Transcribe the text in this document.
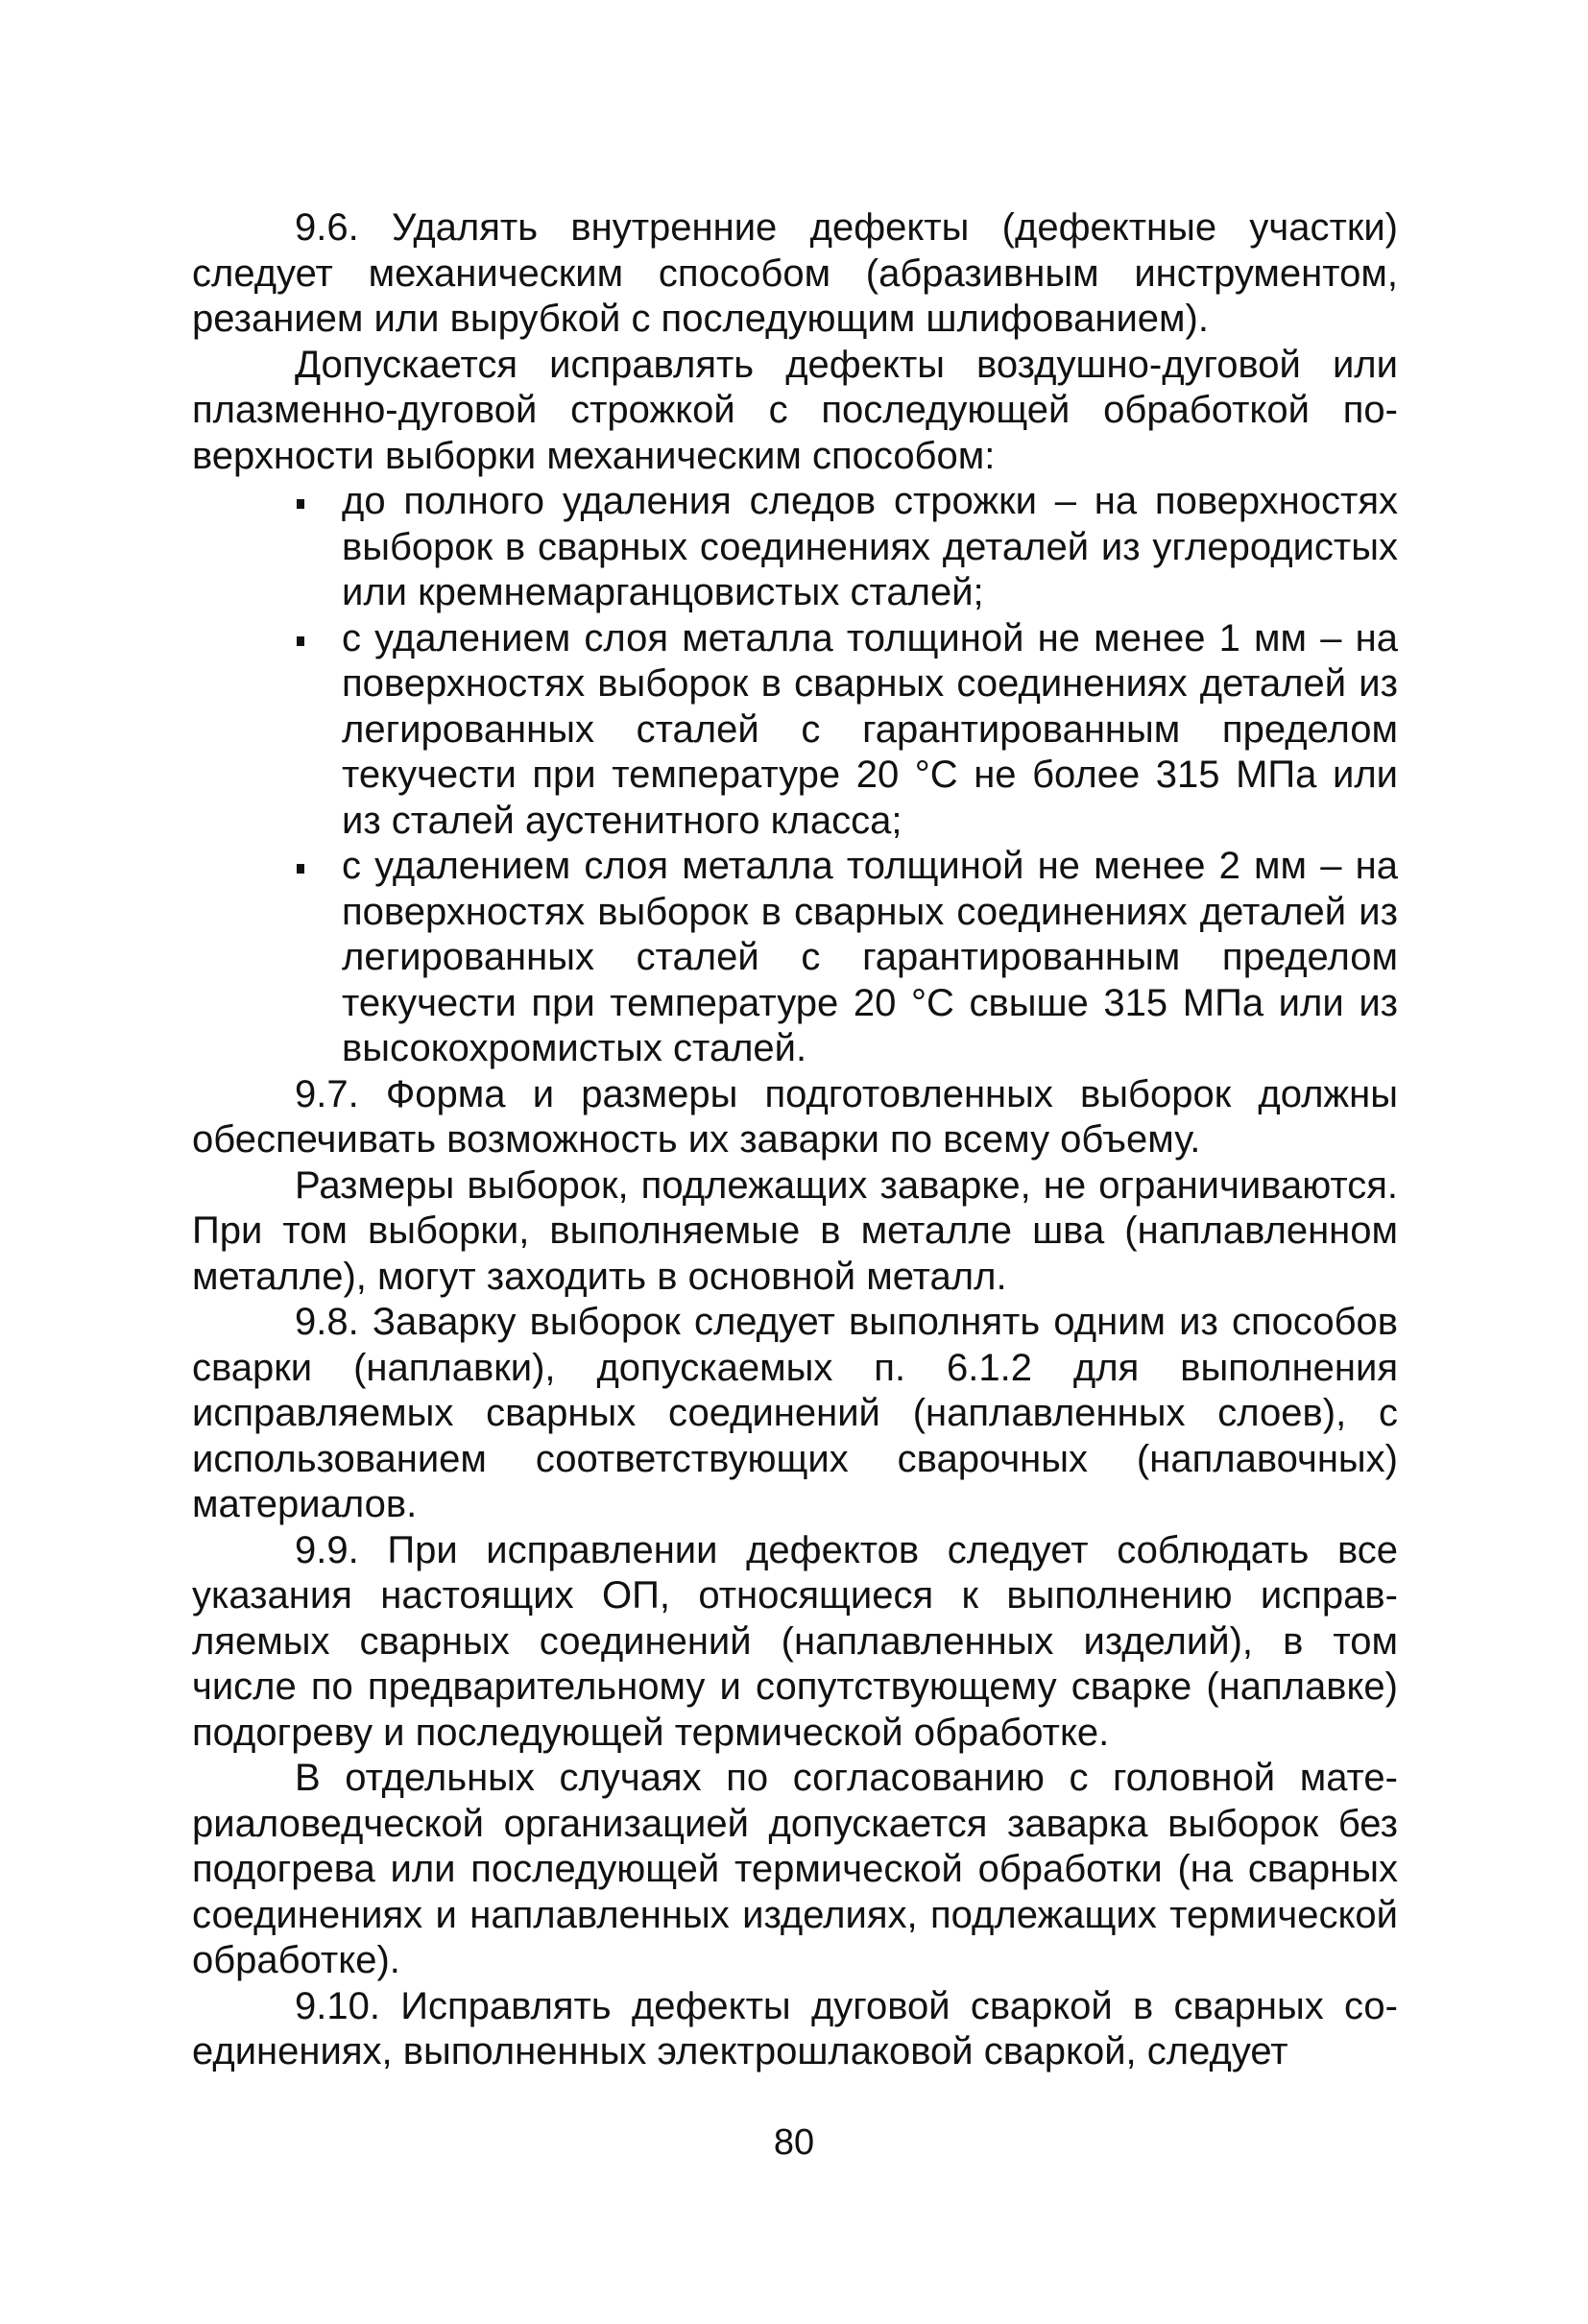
9.6. Удалять внутренние дефекты (дефектные участки) следует механическим способом (абразивным инструментом, резанием или вырубкой с последующим шлифованием).

Допускается исправлять дефекты воздушно-дуговой или плазменно-дуговой строжкой с последующей обработкой поверхности выборки механическим способом:

до полного удаления следов строжки – на поверхностях выборок в сварных соединениях деталей из углеродистых или кремнемарганцовистых сталей;
с удалением слоя металла толщиной не менее 1 мм – на поверхностях выборок в сварных соединениях деталей из легированных сталей с гарантированным пределом текучести при температуре 20 °С не более 315 МПа или из сталей аустенитного класса;
с удалением слоя металла толщиной не менее 2 мм – на поверхностях выборок в сварных соединениях деталей из легированных сталей с гарантированным пределом текучести при температуре 20 °С свыше 315 МПа или из высокохромистых сталей.

9.7. Форма и размеры подготовленных выборок должны обеспечивать возможность их заварки по всему объему.

Размеры выборок, подлежащих заварке, не ограничиваются. При том выборки, выполняемые в металле шва (наплавленном металле), могут заходить в основной металл.

9.8. Заварку выборок следует выполнять одним из способов сварки (наплавки), допускаемых п. 6.1.2 для выполнения исправляемых сварных соединений (наплавленных слоев), с использованием соответствующих сварочных (наплавочных) материалов.

9.9. При исправлении дефектов следует соблюдать все указания настоящих ОП, относящиеся к выполнению исправляемых сварных соединений (наплавленных изделий), в том числе по предварительному и сопутствующему сварке (наплавке) подогреву и последующей термической обработке.

В отдельных случаях по согласованию с головной материаловедческой организацией допускается заварка выборок без подогрева или последующей термической обработки (на сварных соединениях и наплавленных изделиях, подлежащих термической обработке).

9.10. Исправлять дефекты дуговой сваркой в сварных соединениях, выполненных электрошлаковой сваркой, следует

80
